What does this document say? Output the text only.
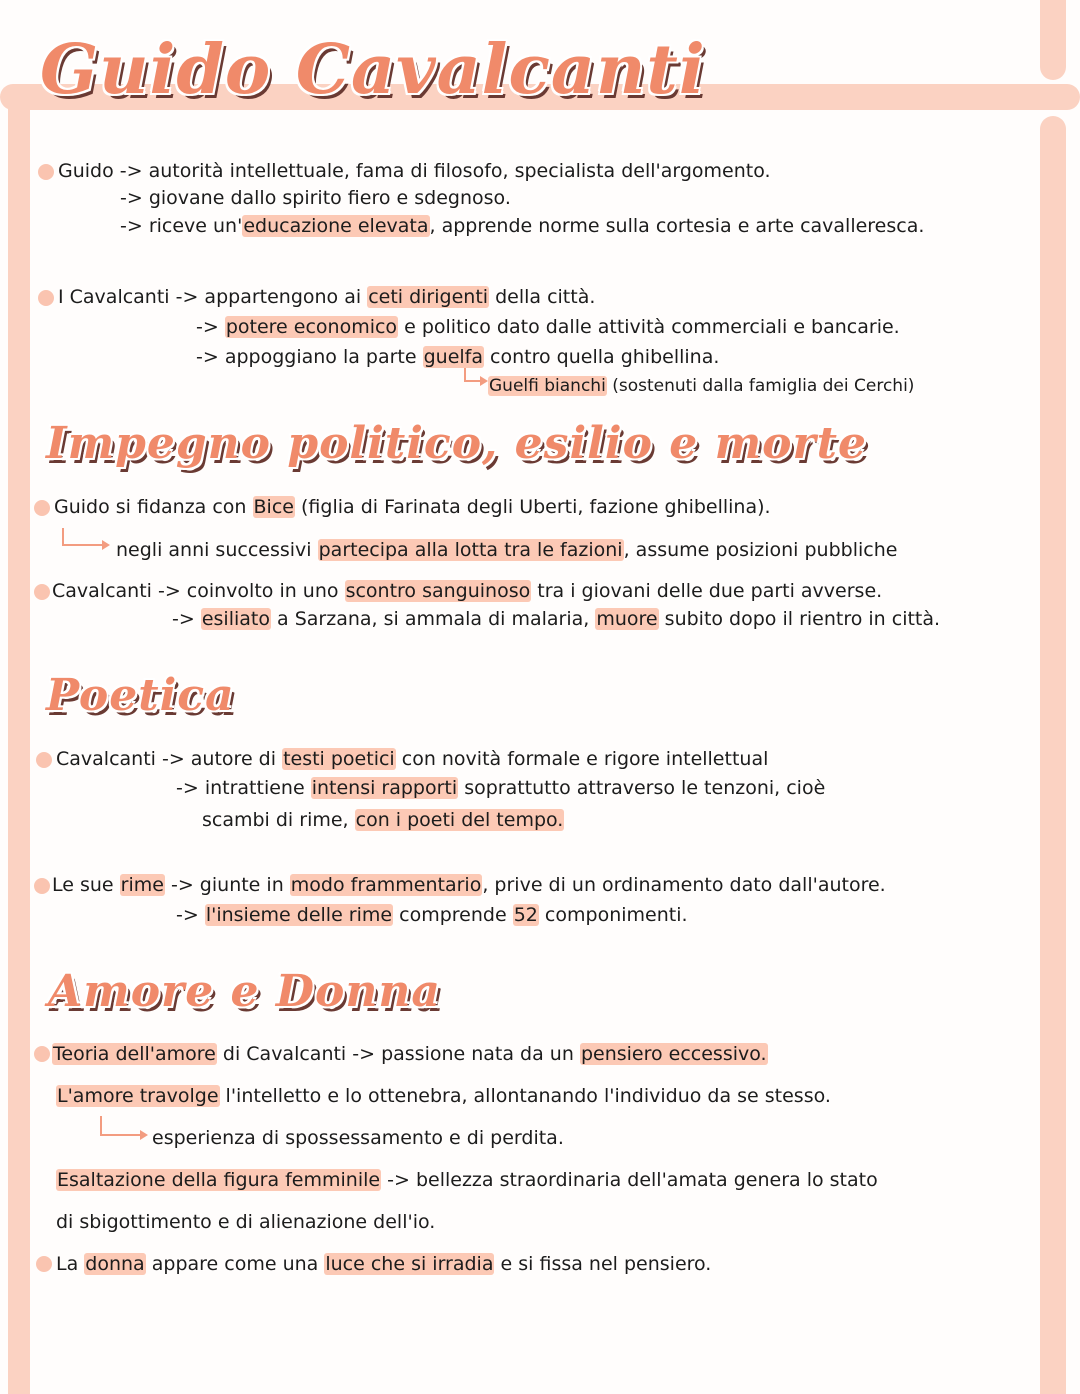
Guido Cavalcanti
Guido -> autorità intellettuale, fama di filosofo, specialista dell'argomento.
-> giovane dallo spirito fiero e sdegnoso.
-> riceve un'educazione elevata, apprende norme sulla cortesia e arte cavalleresca.
I Cavalcanti -> appartengono ai ceti dirigenti della città.
-> potere economico e politico dato dalle attività commerciali e bancarie.
-> appoggiano la parte guelfa contro quella ghibellina.
Guelfi bianchi (sostenuti dalla famiglia dei Cerchi)
Impegno politico, esilio e morte
Guido si fidanza con Bice (figlia di Farinata degli Uberti, fazione ghibellina).
negli anni successivi partecipa alla lotta tra le fazioni, assume posizioni pubbliche
Cavalcanti -> coinvolto in uno scontro sanguinoso tra i giovani delle due parti avverse.
-> esiliato a Sarzana, si ammala di malaria, muore subito dopo il rientro in città.
Poetica
Cavalcanti -> autore di testi poetici con novità formale e rigore intellettual
-> intrattiene intensi rapporti soprattutto attraverso le tenzoni, cioè
scambi di rime, con i poeti del tempo.
Le sue rime -> giunte in modo frammentario, prive di un ordinamento dato dall'autore.
-> l'insieme delle rime comprende 52 componimenti.
Amore e Donna
Teoria dell'amore di Cavalcanti -> passione nata da un pensiero eccessivo.
L'amore travolge l'intelletto e lo ottenebra, allontanando l'individuo da se stesso.
esperienza di spossessamento e di perdita.
Esaltazione della figura femminile -> bellezza straordinaria dell'amata genera lo stato
di sbigottimento e di alienazione dell'io.
La donna appare come una luce che si irradia e si fissa nel pensiero.
